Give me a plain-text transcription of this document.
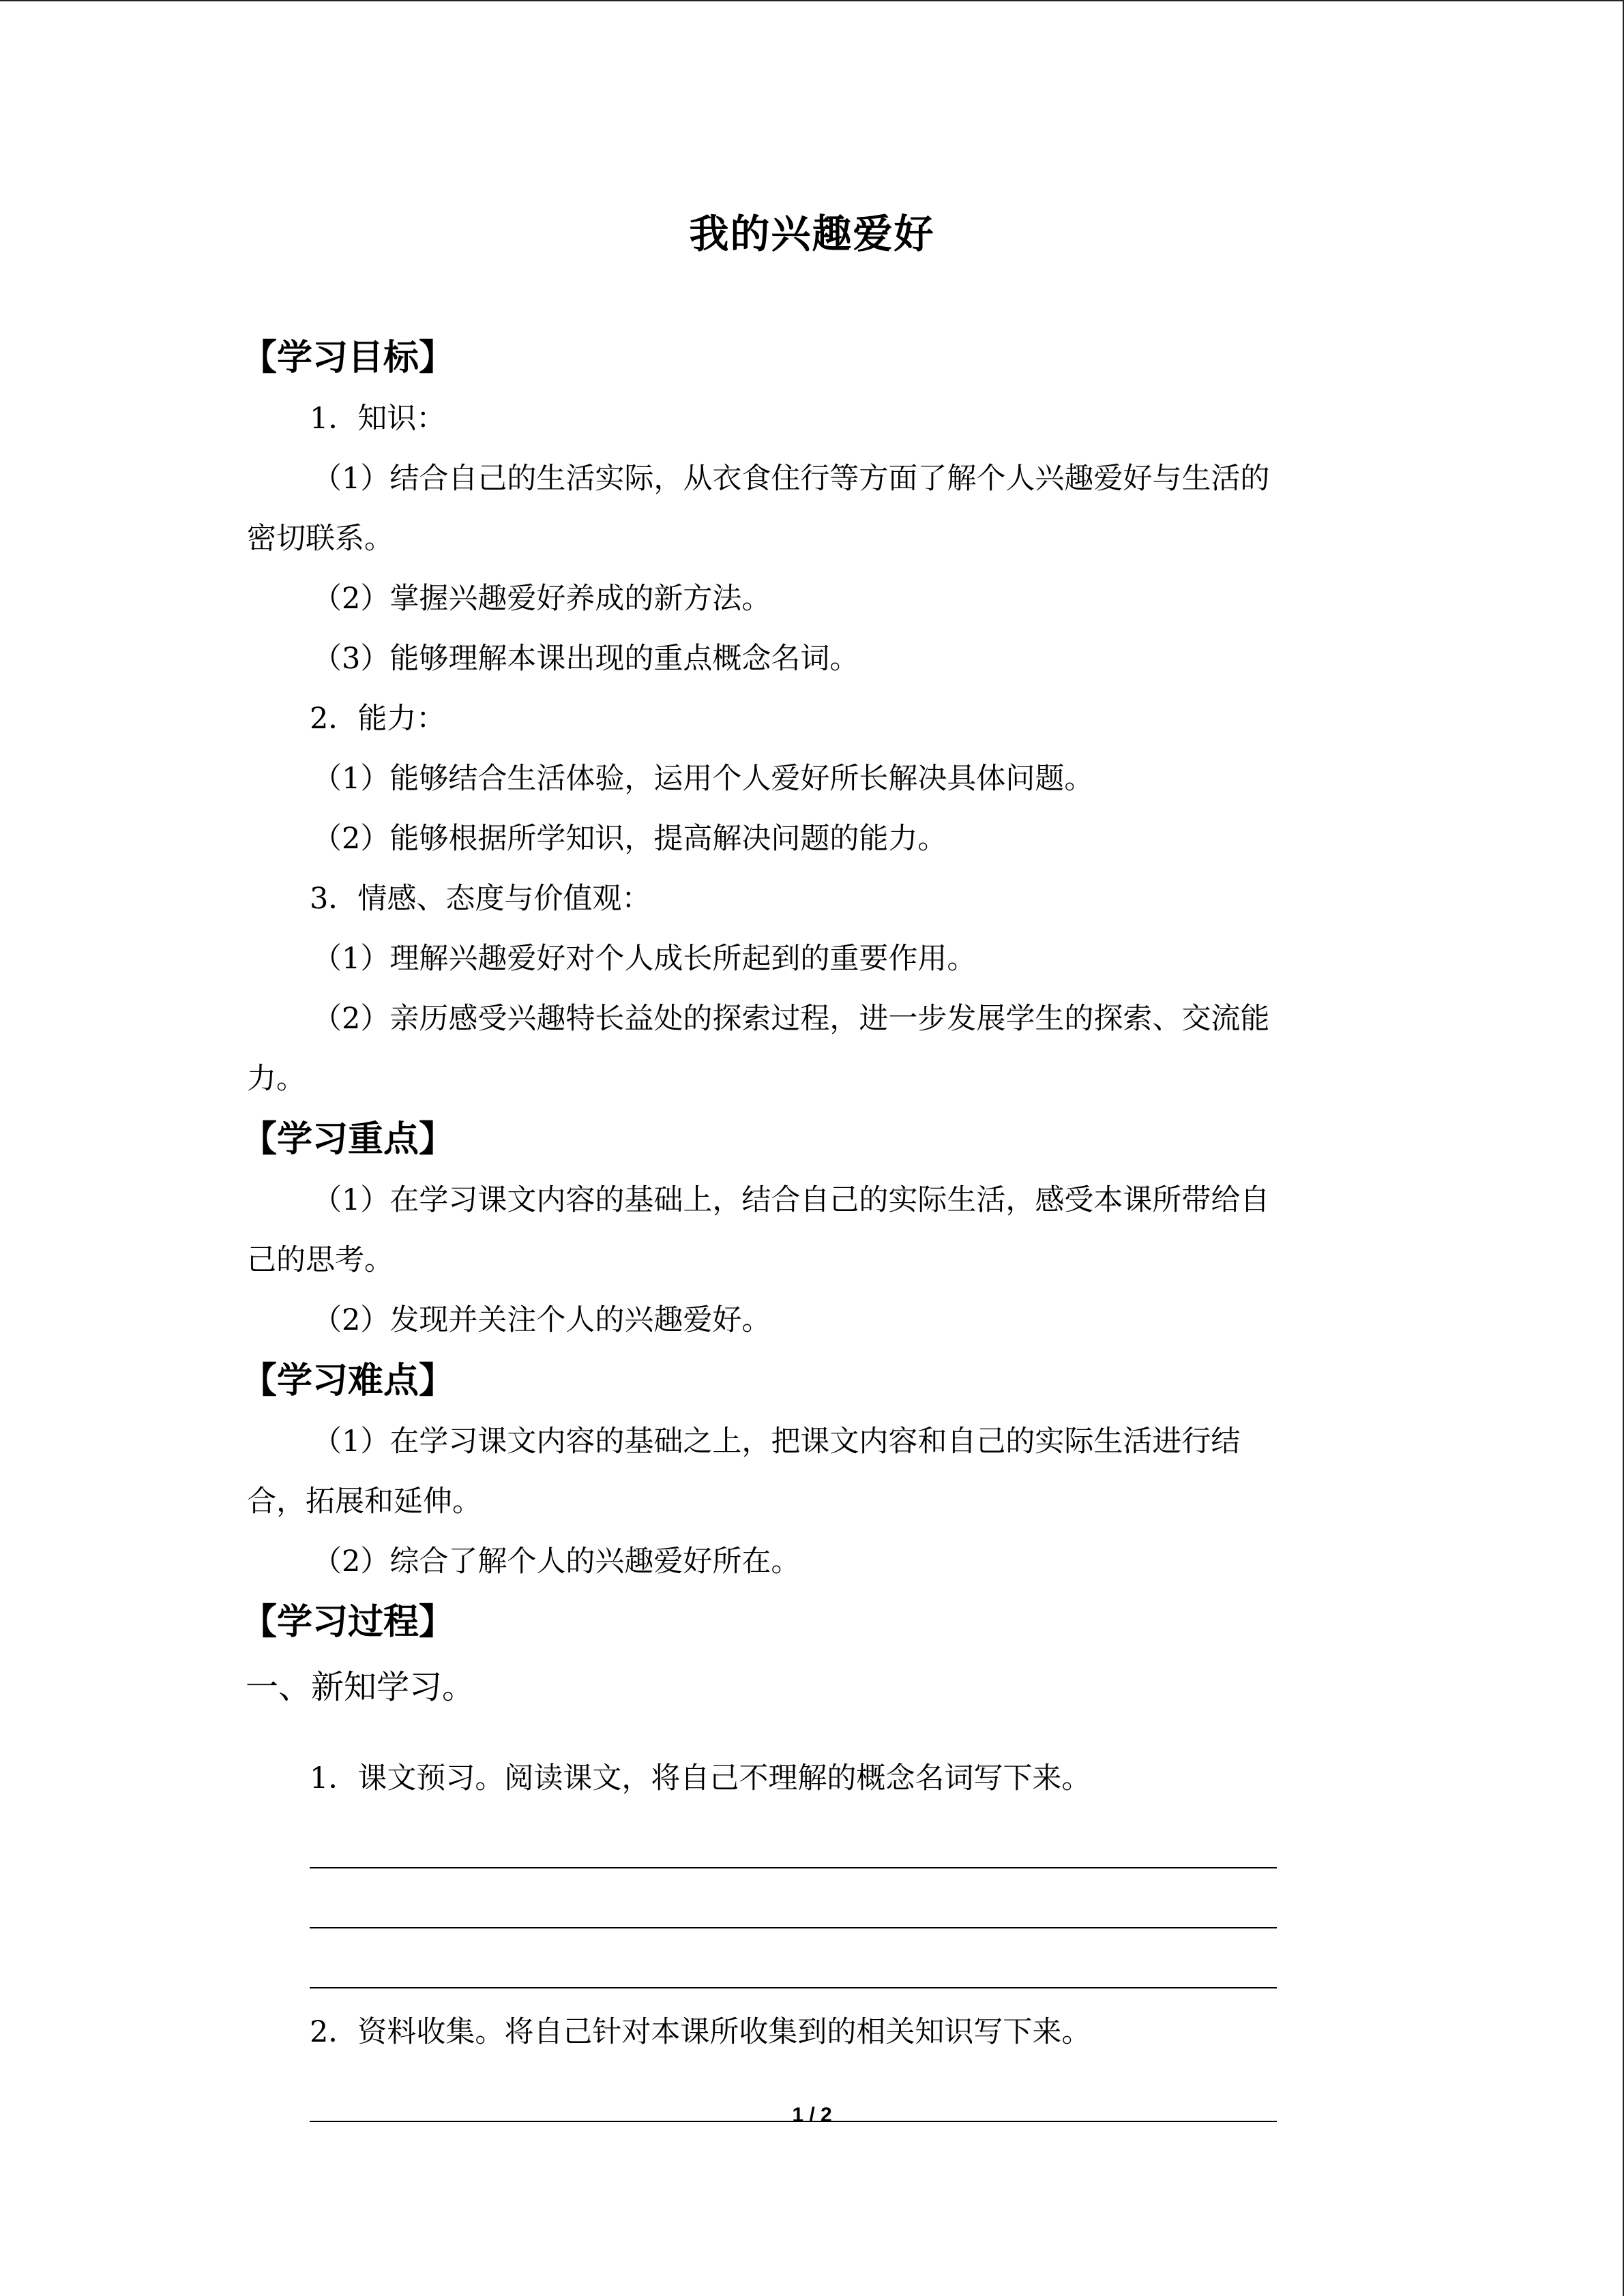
我的兴趣爱好
【学习目标】
1．知识：
（1）结合自己的生活实际，从衣食住行等方面了解个人兴趣爱好与生活的
密切联系。
（2）掌握兴趣爱好养成的新方法。
（3）能够理解本课出现的重点概念名词。
2．能力：
（1）能够结合生活体验，运用个人爱好所长解决具体问题。
（2）能够根据所学知识，提高解决问题的能力。
3．情感、态度与价值观：
（1）理解兴趣爱好对个人成长所起到的重要作用。
（2）亲历感受兴趣特长益处的探索过程，进一步发展学生的探索、交流能
力。
【学习重点】
（1）在学习课文内容的基础上，结合自己的实际生活，感受本课所带给自
己的思考。
（2）发现并关注个人的兴趣爱好。
【学习难点】
（1）在学习课文内容的基础之上，把课文内容和自己的实际生活进行结
合，拓展和延伸。
（2）综合了解个人的兴趣爱好所在。
【学习过程】
一、新知学习。
1．课文预习。阅读课文，将自己不理解的概念名词写下来。
2．资料收集。将自己针对本课所收集到的相关知识写下来。
1 / 2
